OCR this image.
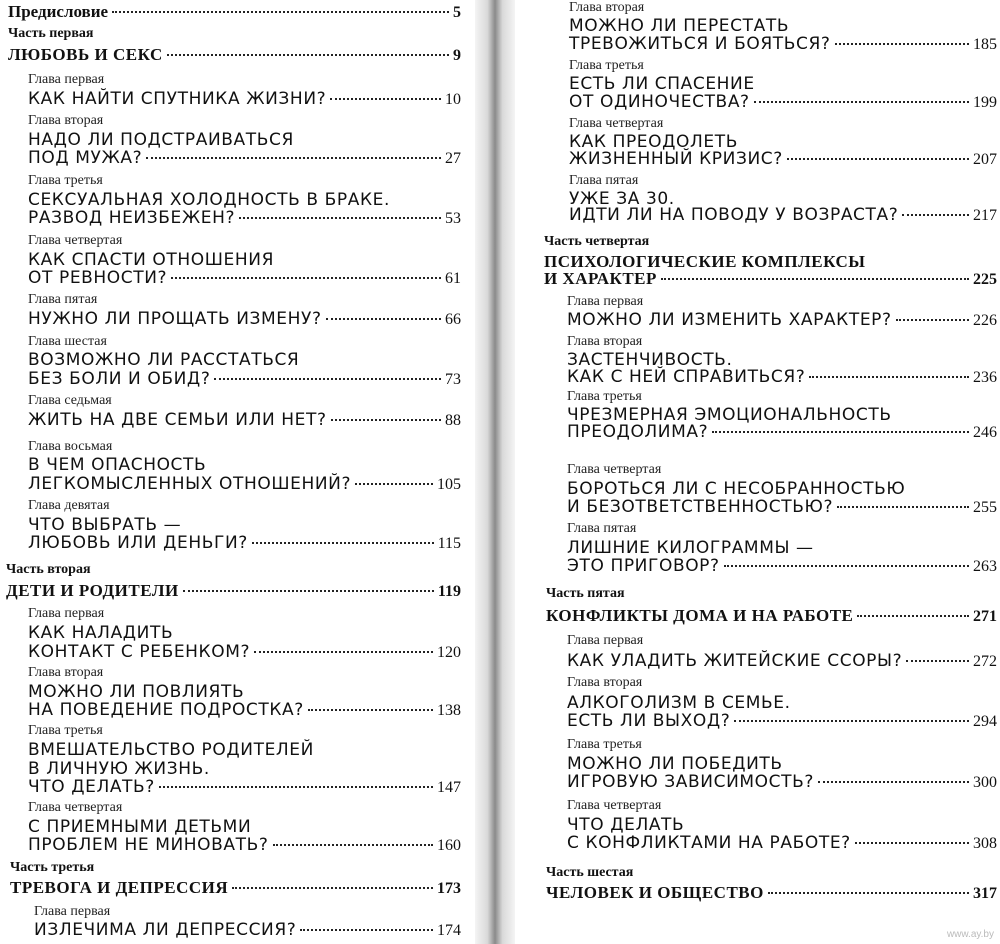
Предисловие	5
Часть первая
ЛЮБОВЬ И СЕКС	9
Глава первая
КАК НАЙТИ СПУТНИКА ЖИЗНИ?	10
Глава вторая
НАДО ЛИ ПОДСТРАИВАТЬСЯ
ПОД МУЖА?	27
Глава третья
СЕКСУАЛЬНАЯ ХОЛОДНОСТЬ В БРАКЕ.
РАЗВОД НЕИЗБЕЖЕН?	53
Глава четвертая
КАК СПАСТИ ОТНОШЕНИЯ
ОТ РЕВНОСТИ?	61
Глава пятая
НУЖНО ЛИ ПРОЩАТЬ ИЗМЕНУ?	66
Глава шестая
ВОЗМОЖНО ЛИ РАССТАТЬСЯ
БЕЗ БОЛИ И ОБИД?	73
Глава седьмая
ЖИТЬ НА ДВЕ СЕМЬИ ИЛИ НЕТ?	88
Глава восьмая
В ЧЕМ ОПАСНОСТЬ
ЛЕГКОМЫСЛЕННЫХ ОТНОШЕНИЙ?	105
Глава девятая
ЧТО ВЫБРАТЬ —
ЛЮБОВЬ ИЛИ ДЕНЬГИ?	115
Часть вторая
ДЕТИ И РОДИТЕЛИ	119
Глава первая
КАК НАЛАДИТЬ
КОНТАКТ С РЕБЕНКОМ?	120
Глава вторая
МОЖНО ЛИ ПОВЛИЯТЬ
НА ПОВЕДЕНИЕ ПОДРОСТКА?	138
Глава третья
ВМЕШАТЕЛЬСТВО РОДИТЕЛЕЙ
В ЛИЧНУЮ ЖИЗНЬ.
ЧТО ДЕЛАТЬ?	147
Глава четвертая
С ПРИЕМНЫМИ ДЕТЬМИ
ПРОБЛЕМ НЕ МИНОВАТЬ?	160
Часть третья
ТРЕВОГА И ДЕПРЕССИЯ	173
Глава первая
ИЗЛЕЧИМА ЛИ ДЕПРЕССИЯ?	174
Глава вторая
МОЖНО ЛИ ПЕРЕСТАТЬ
ТРЕВОЖИТЬСЯ И БОЯТЬСЯ?	185
Глава третья
ЕСТЬ ЛИ СПАСЕНИЕ
ОТ ОДИНОЧЕСТВА?	199
Глава четвертая
КАК ПРЕОДОЛЕТЬ
ЖИЗНЕННЫЙ КРИЗИС?	207
Глава пятая
УЖЕ ЗА 30.
ИДТИ ЛИ НА ПОВОДУ У ВОЗРАСТА?	217
Часть четвертая
ПСИХОЛОГИЧЕСКИЕ КОМПЛЕКСЫ
И ХАРАКТЕР	225
Глава первая
МОЖНО ЛИ ИЗМЕНИТЬ ХАРАКТЕР?	226
Глава вторая
ЗАСТЕНЧИВОСТЬ.
КАК С НЕЙ СПРАВИТЬСЯ?	236
Глава третья
ЧРЕЗМЕРНАЯ ЭМОЦИОНАЛЬНОСТЬ
ПРЕОДОЛИМА?	246
Глава четвертая
БОРОТЬСЯ ЛИ С НЕСОБРАННОСТЬЮ
И БЕЗОТВЕТСТВЕННОСТЬЮ?	255
Глава пятая
ЛИШНИЕ КИЛОГРАММЫ —
ЭТО ПРИГОВОР?	263
Часть пятая
КОНФЛИКТЫ ДОМА И НА РАБОТЕ	271
Глава первая
КАК УЛАДИТЬ ЖИТЕЙСКИЕ ССОРЫ?	272
Глава вторая
АЛКОГОЛИЗМ В СЕМЬЕ.
ЕСТЬ ЛИ ВЫХОД?	294
Глава третья
МОЖНО ЛИ ПОБЕДИТЬ
ИГРОВУЮ ЗАВИСИМОСТЬ?	300
Глава четвертая
ЧТО ДЕЛАТЬ
С КОНФЛИКТАМИ НА РАБОТЕ?	308
Часть шестая
ЧЕЛОВЕК И ОБЩЕСТВО	317
www.ay.by
